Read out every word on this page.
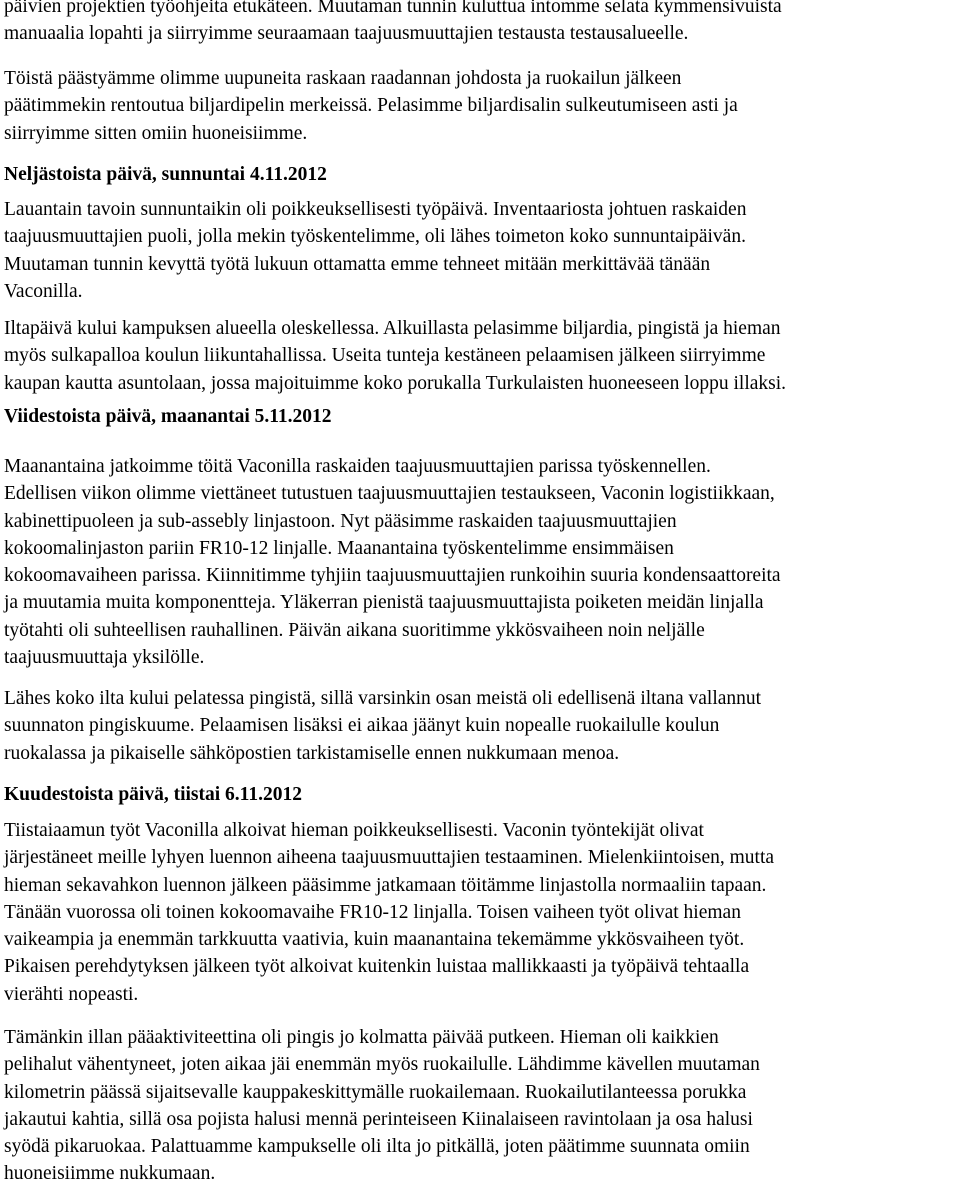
päivien projektien työohjeita etukäteen. Muutaman tunnin kuluttua intomme selata kymmensivuista
manuaalia lopahti ja siirryimme seuraamaan taajuusmuuttajien testausta testausalueelle.

Töistä päästyämme olimme uupuneita raskaan raadannan johdosta ja ruokailun jälkeen
päätimmekin rentoutua biljardipelin merkeissä. Pelasimme biljardisalin sulkeutumiseen asti ja
siirryimme sitten omiin huoneisiimme.

Neljästoista päivä, sunnuntai 4.11.2012

Lauantain tavoin sunnuntaikin oli poikkeuksellisesti työpäivä. Inventaariosta johtuen raskaiden
taajuusmuuttajien puoli, jolla mekin työskentelimme, oli lähes toimeton koko sunnuntaipäivän.
Muutaman tunnin kevyttä työtä lukuun ottamatta emme tehneet mitään merkittävää tänään
Vaconilla.

Iltapäivä kului kampuksen alueella oleskellessa. Alkuillasta pelasimme biljardia, pingistä ja hieman
myös sulkapalloa koulun liikuntahallissa. Useita tunteja kestäneen pelaamisen jälkeen siirryimme
kaupan kautta asuntolaan, jossa majoituimme koko porukalla Turkulaisten huoneeseen loppu illaksi.

Viidestoista päivä, maanantai 5.11.2012

Maanantaina jatkoimme töitä Vaconilla raskaiden taajuusmuuttajien parissa työskennellen.
Edellisen viikon olimme viettäneet tutustuen taajuusmuuttajien testaukseen, Vaconin logistiikkaan,
kabinettipuoleen ja sub-assebly linjastoon. Nyt pääsimme raskaiden taajuusmuuttajien
kokoomalinjaston pariin FR10-12 linjalle. Maanantaina työskentelimme ensimmäisen
kokoomavaiheen parissa. Kiinnitimme tyhjiin taajuusmuuttajien runkoihin suuria kondensaattoreita
ja muutamia muita komponentteja. Yläkerran pienistä taajuusmuuttajista poiketen meidän linjalla
työtahti oli suhteellisen rauhallinen. Päivän aikana suoritimme ykkösvaiheen noin neljälle
taajuusmuuttaja yksilölle.

Lähes koko ilta kului pelatessa pingistä, sillä varsinkin osan meistä oli edellisenä iltana vallannut
suunnaton pingiskuume. Pelaamisen lisäksi ei aikaa jäänyt kuin nopealle ruokailulle koulun
ruokalassa ja pikaiselle sähköpostien tarkistamiselle ennen nukkumaan menoa.

Kuudestoista päivä, tiistai 6.11.2012

Tiistaiaamun työt Vaconilla alkoivat hieman poikkeuksellisesti. Vaconin työntekijät olivat
järjestäneet meille lyhyen luennon aiheena taajuusmuuttajien testaaminen. Mielenkiintoisen, mutta
hieman sekavahkon luennon jälkeen pääsimme jatkamaan töitämme linjastolla normaaliin tapaan.
Tänään vuorossa oli toinen kokoomavaihe FR10-12 linjalla. Toisen vaiheen työt olivat hieman
vaikeampia ja enemmän tarkkuutta vaativia, kuin maanantaina tekemämme ykkösvaiheen työt.
Pikaisen perehdytyksen jälkeen työt alkoivat kuitenkin luistaa mallikkaasti ja työpäivä tehtaalla
vierähti nopeasti.

Tämänkin illan pääaktiviteettina oli pingis jo kolmatta päivää putkeen. Hieman oli kaikkien
pelihalut vähentyneet, joten aikaa jäi enemmän myös ruokailulle. Lähdimme kävellen muutaman
kilometrin päässä sijaitsevalle kauppakeskittymälle ruokailemaan. Ruokailutilanteessa porukka
jakautui kahtia, sillä osa pojista halusi mennä perinteiseen Kiinalaiseen ravintolaan ja osa halusi
syödä pikaruokaa. Palattuamme kampukselle oli ilta jo pitkällä, joten päätimme suunnata omiin
huoneisiimme nukkumaan.
